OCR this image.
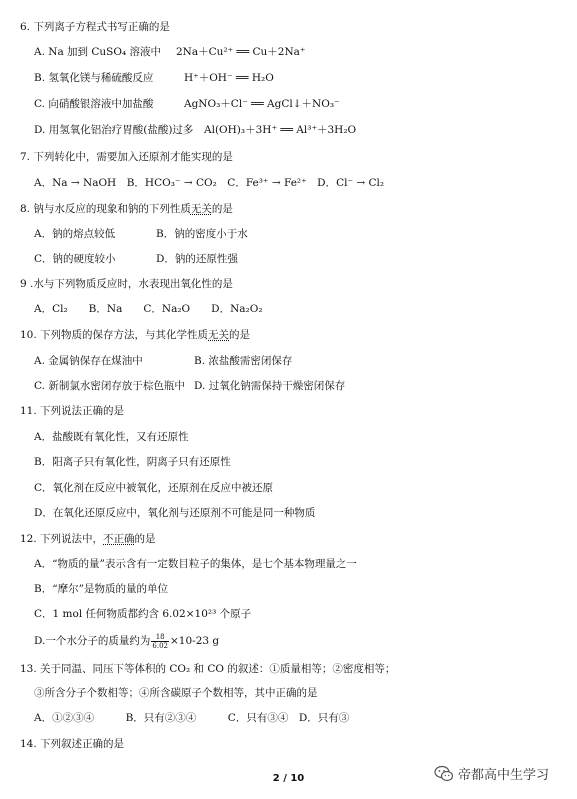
6. 下列离子方程式书写正确的是
A. Na 加到 CuSO₄ 溶液中 2Na＋Cu²⁺ ══ Cu＋2Na⁺
B. 氢氧化镁与稀硫酸反应	H⁺＋OH⁻ ══ H₂O
C. 向硝酸银溶液中加盐酸	AgNO₃＋Cl⁻ ══ AgCl↓＋NO₃⁻
D. 用氢氧化铝治疗胃酸(盐酸)过多 Al(OH)₃＋3H⁺ ══ Al³⁺＋3H₂O
7. 下列转化中，需要加入还原剂才能实现的是
A．Na → NaOH　B．HCO₃⁻ → CO₂　C．Fe³⁺ → Fe²⁺　D．Cl⁻ → Cl₂
8. 钠与水反应的现象和钠的下列性质无关的是
A．钠的熔点较低	B．钠的密度小于水
C．钠的硬度较小	D．钠的还原性强
9 .水与下列物质反应时，水表现出氧化性的是
A．Cl₂　　B．Na　　C．Na₂O　　D．Na₂O₂
10. 下列物质的保存方法，与其化学性质无关的是
A. 金属钠保存在煤油中	B. 浓盐酸需密闭保存
C. 新制氯水密闭存放于棕色瓶中 D. 过氧化钠需保持干燥密闭保存
11. 下列说法正确的是
A．盐酸既有氧化性，又有还原性
B．阳离子只有氧化性，阴离子只有还原性
C．氧化剂在反应中被氧化，还原剂在反应中被还原
D．在氧化还原反应中，氧化剂与还原剂不可能是同一种物质
12. 下列说法中，不正确的是
A．“物质的量”表示含有一定数目粒子的集体，是七个基本物理量之一
B．“摩尔”是物质的量的单位
C．1 mol 任何物质都约含 6.02×10²³ 个原子
D.一个水分子的质量约为 $\frac{18}{6.02} \times 10-23$ g
13. 关于同温、同压下等体积的 CO₂ 和 CO 的叙述：①质量相等；②密度相等；
③所含分子个数相等；④所含碳原子个数相等，其中正确的是
A．①②③④　　　B．只有②③④　　　C．只有③④　D．只有③
14. 下列叙述正确的是
2 / 10	帝都高中生学习
